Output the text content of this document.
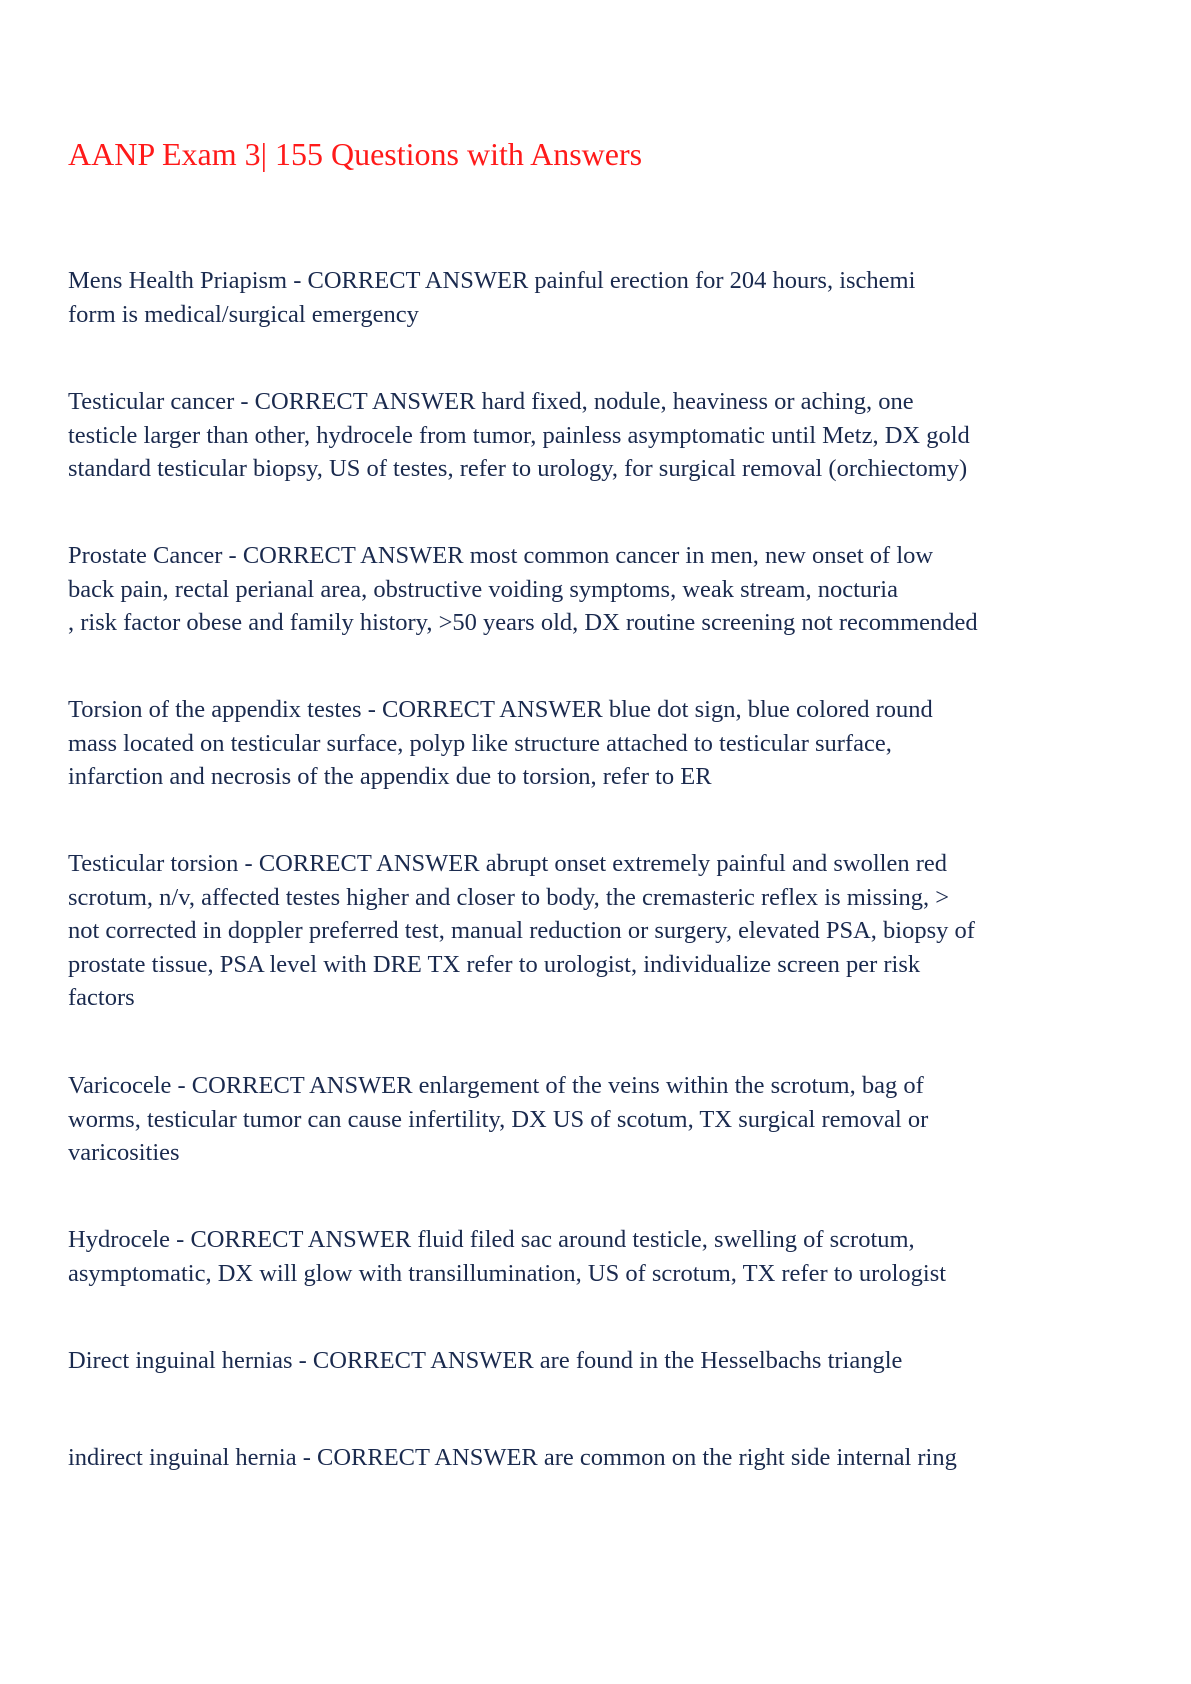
AANP Exam 3| 155 Questions with Answers

Mens Health Priapism - CORRECT ANSWER painful erection for 204 hours, ischemi
form is medical/surgical emergency

Testicular cancer - CORRECT ANSWER hard fixed, nodule, heaviness or aching, one
testicle larger than other, hydrocele from tumor, painless asymptomatic until Metz, DX gold
standard testicular biopsy, US of testes, refer to urology, for surgical removal (orchiectomy)

Prostate Cancer - CORRECT ANSWER most common cancer in men, new onset of low
back pain, rectal perianal area, obstructive voiding symptoms, weak stream, nocturia
, risk factor obese and family history, >50 years old, DX routine screening not recommended

Torsion of the appendix testes - CORRECT ANSWER blue dot sign, blue colored round
mass located on testicular surface, polyp like structure attached to testicular surface,
infarction and necrosis of the appendix due to torsion, refer to ER

Testicular torsion - CORRECT ANSWER abrupt onset extremely painful and swollen red
scrotum, n/v, affected testes higher and closer to body, the cremasteric reflex is missing, >
not corrected in doppler preferred test, manual reduction or surgery, elevated PSA, biopsy of
prostate tissue, PSA level with DRE TX refer to urologist, individualize screen per risk
factors

Varicocele - CORRECT ANSWER enlargement of the veins within the scrotum, bag of
worms, testicular tumor can cause infertility, DX US of scotum, TX surgical removal or
varicosities

Hydrocele - CORRECT ANSWER fluid filed sac around testicle, swelling of scrotum,
asymptomatic, DX will glow with transillumination, US of scrotum, TX refer to urologist

Direct inguinal hernias - CORRECT ANSWER are found in the Hesselbachs triangle

indirect inguinal hernia - CORRECT ANSWER are common on the right side internal ring
